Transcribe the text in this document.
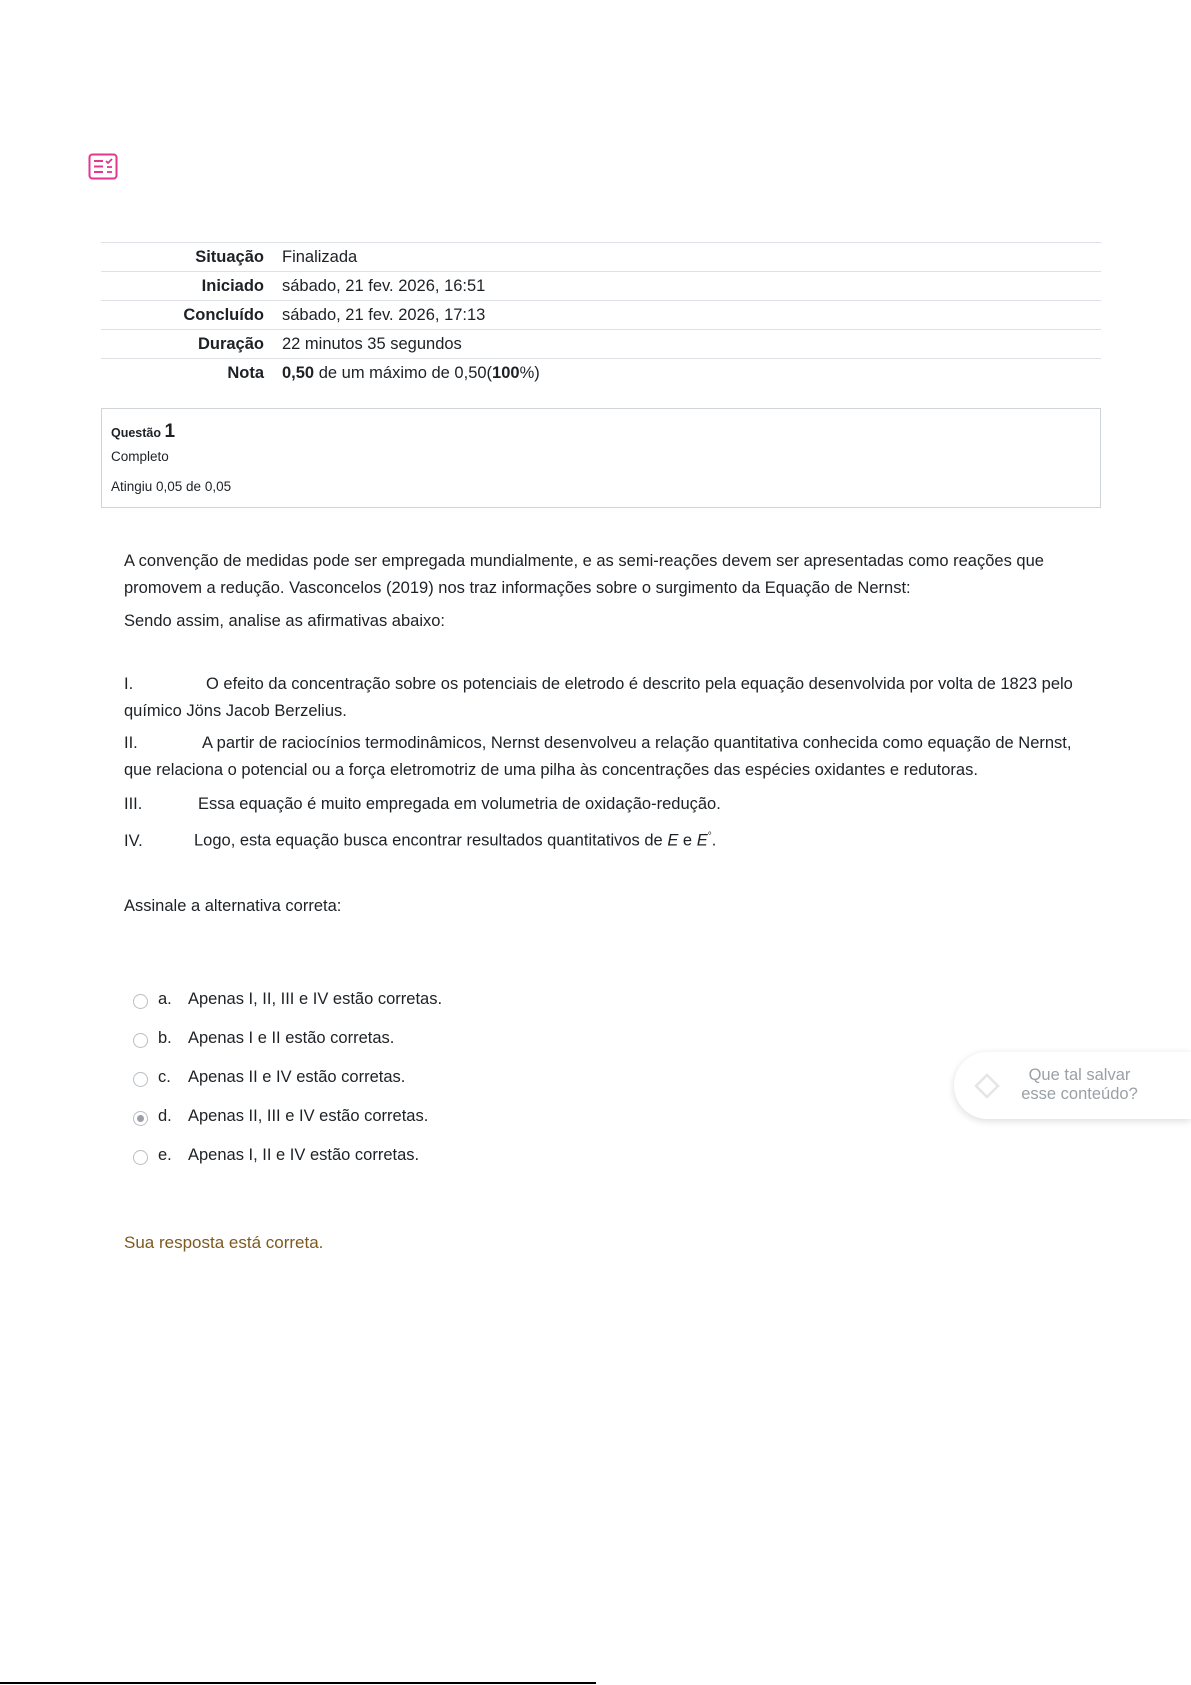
Situação	Finalizada
Iniciado	sábado, 21 fev. 2026, 16:51
Concluído	sábado, 21 fev. 2026, 17:13
Duração	22 minutos 35 segundos
Nota	0,50 de um máximo de 0,50(100%)
Questão 1
Completo
Atingiu 0,05 de 0,05
A convenção de medidas pode ser empregada mundialmente, e as semi-reações devem ser apresentadas como reações que promovem a redução. Vasconcelos (2019) nos traz informações sobre o surgimento da Equação de Nernst:
Sendo assim, analise as afirmativas abaixo:
I.	O efeito da concentração sobre os potenciais de eletrodo é descrito pela equação desenvolvida por volta de 1823 pelo químico Jöns Jacob Berzelius.
II.	A partir de raciocínios termodinâmicos, Nernst desenvolveu a relação quantitativa conhecida como equação de Nernst, que relaciona o potencial ou a força eletromotriz de uma pilha às concentrações das espécies oxidantes e redutoras.
III.	Essa equação é muito empregada em volumetria de oxidação-redução.
IV.	Logo, esta equação busca encontrar resultados quantitativos de E e E°.
Assinale a alternativa correta:
a. Apenas I, II, III e IV estão corretas.
b. Apenas I e II estão corretas.
c. Apenas II e IV estão corretas.
d. Apenas II, III e IV estão corretas.
e. Apenas I, II e IV estão corretas.
Sua resposta está correta.
Que tal salvar
esse conteúdo?
